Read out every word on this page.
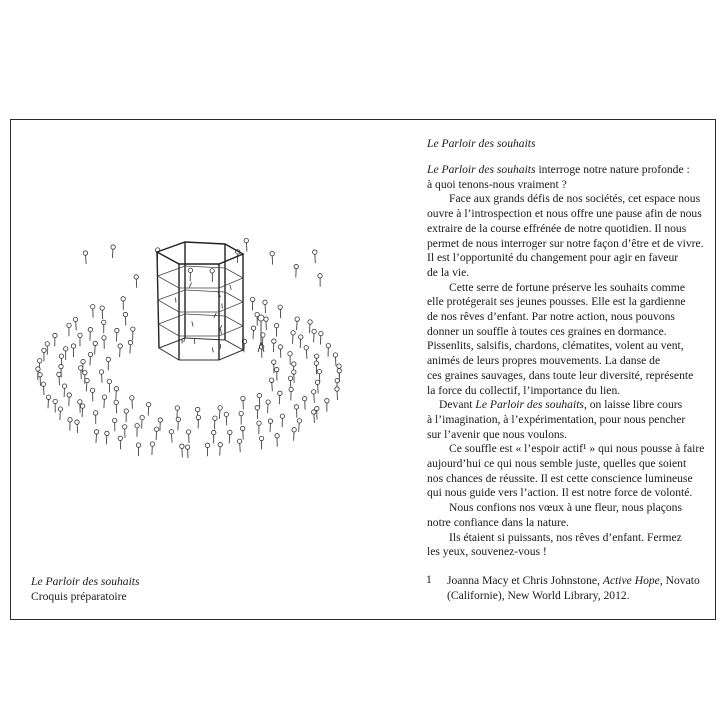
Le Parloir des souhaits
Croquis préparatoire
Le Parloir des souhaits

Le Parloir des souhaits interroge notre nature profonde :

à quoi tenons-nous vraiment ?

Face aux grands défis de nos sociétés, cet espace nous

ouvre à l’introspection et nous offre une pause afin de nous

extraire de la course effrénée de notre quotidien. Il nous

permet de nous interroger sur notre façon d’être et de vivre.

Il est l’opportunité du changement pour agir en faveur

de la vie.

Cette serre de fortune préserve les souhaits comme

elle protégerait ses jeunes pousses. Elle est la gardienne

de nos rêves d’enfant. Par notre action, nous pouvons

donner un souffle à toutes ces graines en dormance.

Pissenlits, salsifis, chardons, clématites, volent au vent,

animés de leurs propres mouvements. La danse de

ces graines sauvages, dans toute leur diversité, représente

la force du collectif, l’importance du lien.

Devant Le Parloir des souhaits, on laisse libre cours

à l’imagination, à l’expérimentation, pour nous pencher

sur l’avenir que nous voulons.

Ce souffle est « l’espoir actif¹ » qui nous pousse à faire

aujourd’hui ce qui nous semble juste, quelles que soient

nos chances de réussite. Il est cette conscience lumineuse

qui nous guide vers l’action. Il est notre force de volonté.

Nous confions nos vœux à une fleur, nous plaçons

notre confiance dans la nature.

Ils étaient si puissants, nos rêves d’enfant. Fermez

les yeux, souvenez-vous !

1 Joanna Macy et Chris Johnstone, Active Hope, Novato
(Californie), New World Library, 2012.
